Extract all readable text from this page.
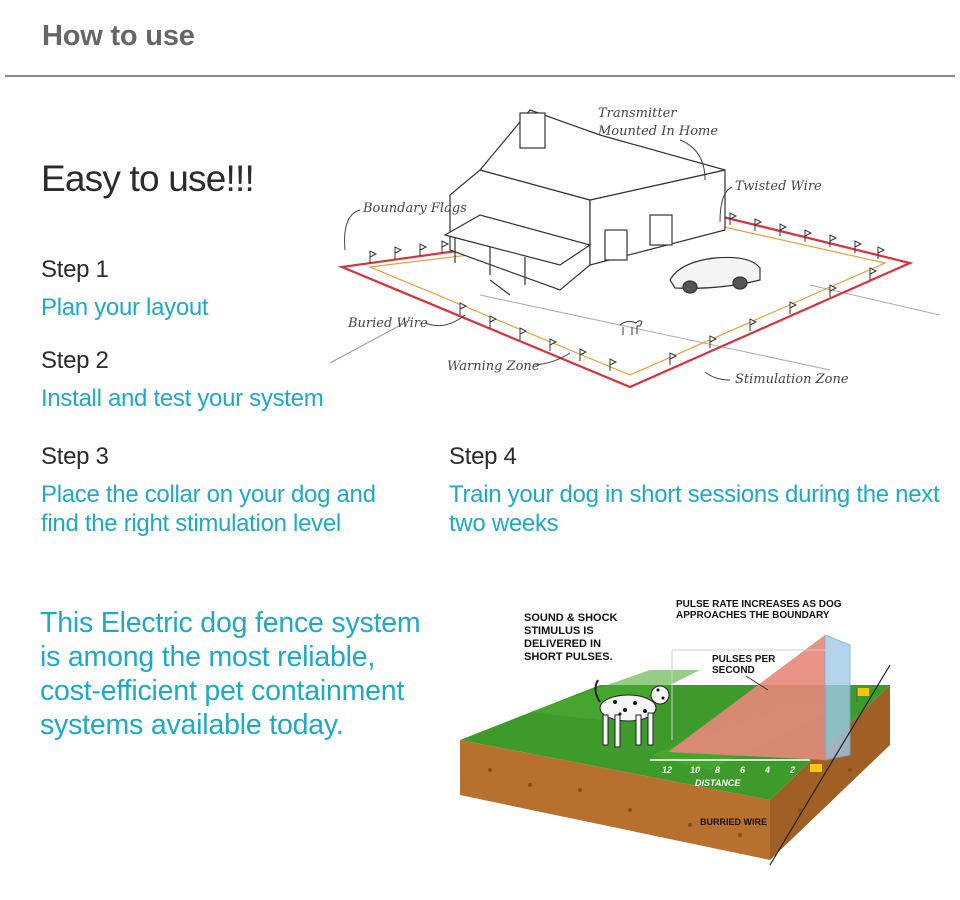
How to use
Easy to use!!!
Step 1
Plan your layout
Step 2
Install and test your system
Step 3
Place the collar on your dog and
find the right stimulation level
Step 4
Train your dog in short sessions during the next
two weeks
This Electric dog fence system
is among the most reliable,
cost-efficient pet containment
systems available today.
Transmitter
Mounted In Home
Twisted Wire
Boundary Flags
Buried Wire
Warning Zone
Stimulation Zone
SOUND & SHOCK
STIMULUS IS
DELIVERED IN
SHORT PULSES.
PULSE RATE INCREASES AS DOG
APPROACHES THE BOUNDARY
PULSES PER
SECOND
12 10 8 6 4 2
DISTANCE
BURRIED WIRE
